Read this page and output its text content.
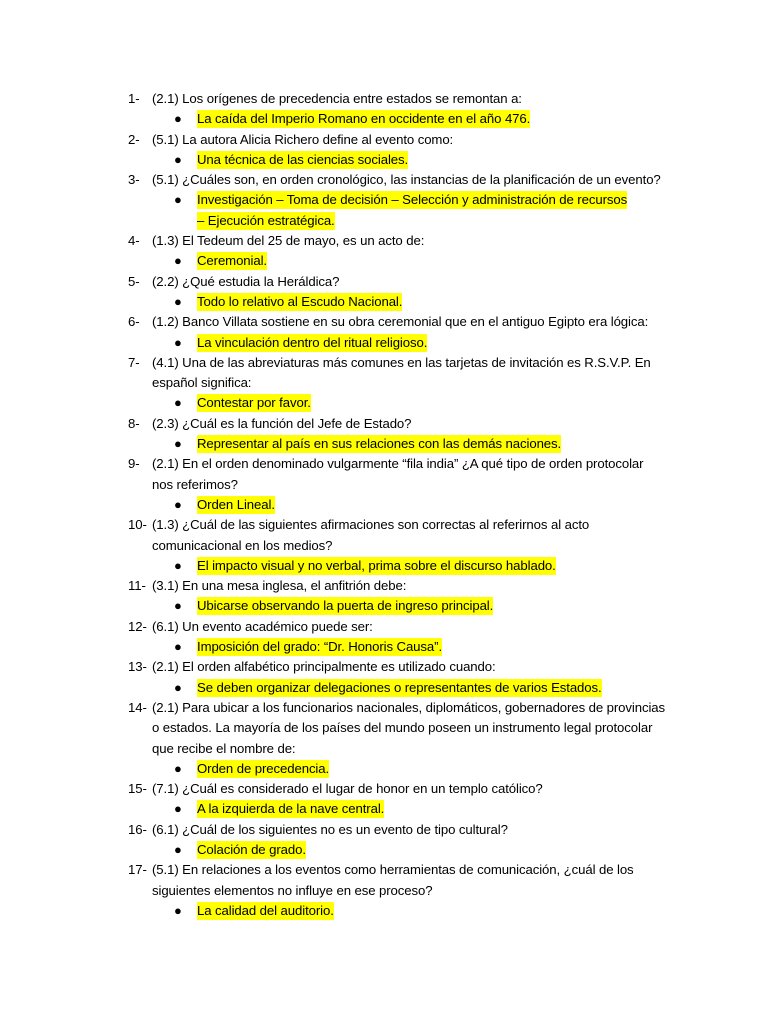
1- (2.1) Los orígenes de precedencia entre estados se remontan a:
● La caída del Imperio Romano en occidente en el año 476.
2- (5.1) La autora Alicia Richero define al evento como:
● Una técnica de las ciencias sociales.
3- (5.1) ¿Cuáles son, en orden cronológico, las instancias de la planificación de un evento?
● Investigación – Toma de decisión – Selección y administración de recursos – Ejecución estratégica.
4- (1.3) El Tedeum del 25 de mayo, es un acto de:
● Ceremonial.
5- (2.2) ¿Qué estudia la Heráldica?
● Todo lo relativo al Escudo Nacional.
6- (1.2) Banco Villata sostiene en su obra ceremonial que en el antiguo Egipto era lógica:
● La vinculación dentro del ritual religioso.
7- (4.1) Una de las abreviaturas más comunes en las tarjetas de invitación es R.S.V.P. En español significa:
● Contestar por favor.
8- (2.3) ¿Cuál es la función del Jefe de Estado?
● Representar al país en sus relaciones con las demás naciones.
9- (2.1) En el orden denominado vulgarmente “fila india” ¿A qué tipo de orden protocolar nos referimos?
● Orden Lineal.
10- (1.3) ¿Cuál de las siguientes afirmaciones son correctas al referirnos al acto comunicacional en los medios?
● El impacto visual y no verbal, prima sobre el discurso hablado.
11- (3.1) En una mesa inglesa, el anfitrión debe:
● Ubicarse observando la puerta de ingreso principal.
12- (6.1) Un evento académico puede ser:
● Imposición del grado: “Dr. Honoris Causa”.
13- (2.1) El orden alfabético principalmente es utilizado cuando:
● Se deben organizar delegaciones o representantes de varios Estados.
14- (2.1) Para ubicar a los funcionarios nacionales, diplomáticos, gobernadores de provincias o estados. La mayoría de los países del mundo poseen un instrumento legal protocolar que recibe el nombre de:
● Orden de precedencia.
15- (7.1) ¿Cuál es considerado el lugar de honor en un templo católico?
● A la izquierda de la nave central.
16- (6.1) ¿Cuál de los siguientes no es un evento de tipo cultural?
● Colación de grado.
17- (5.1) En relaciones a los eventos como herramientas de comunicación, ¿cuál de los siguientes elementos no influye en ese proceso?
● La calidad del auditorio.
